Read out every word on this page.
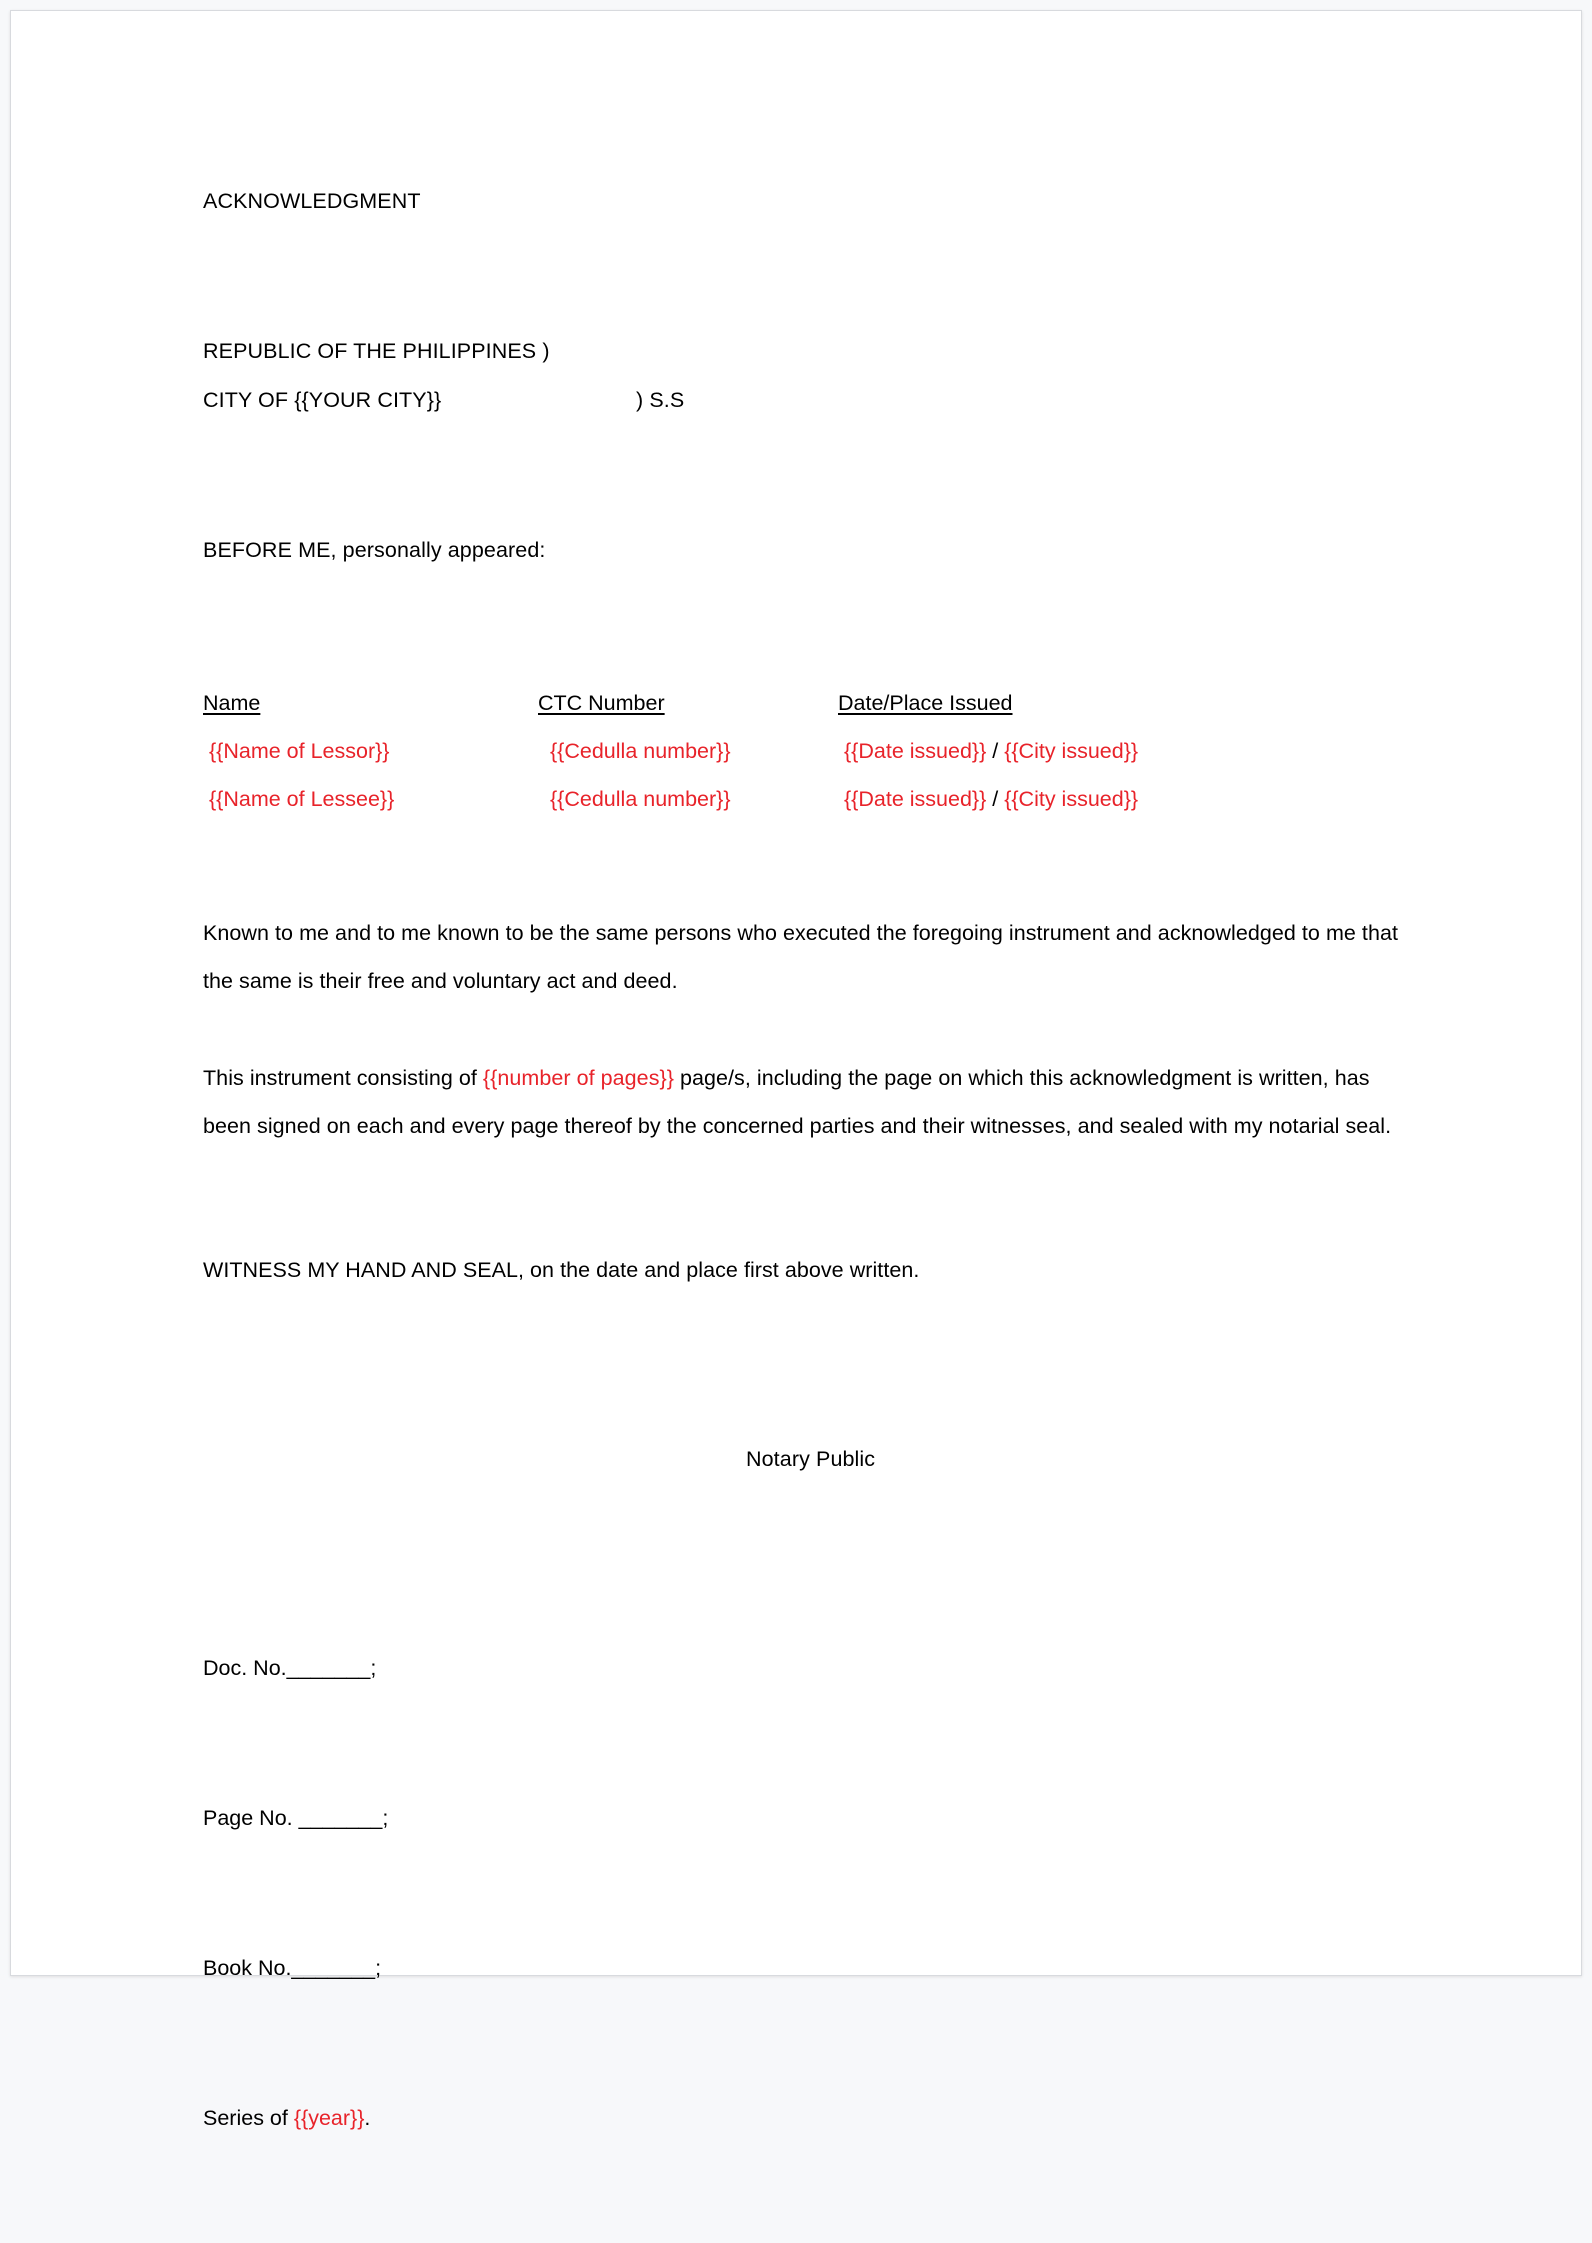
ACKNOWLEDGMENT
REPUBLIC OF THE PHILIPPINES )
CITY OF {{YOUR CITY}}	) S.S
BEFORE ME, personally appeared:
Name	CTC Number	Date/Place Issued
{{Name of Lessor}}	{{Cedulla number}}	{{Date issued}} / {{City issued}}
{{Name of Lessee}}	{{Cedulla number}}	{{Date issued}} / {{City issued}}
Known to me and to me known to be the same persons who executed the foregoing instrument and acknowledged to me that the same is their free and voluntary act and deed.
This instrument consisting of {{number of pages}} page/s, including the page on which this acknowledgment is written, has been signed on each and every page thereof by the concerned parties and their witnesses, and sealed with my notarial seal.
WITNESS MY HAND AND SEAL, on the date and place first above written.
Notary Public

Doc. No._______;

Page No. _______;

Book No._______;

Series of {{year}}.
